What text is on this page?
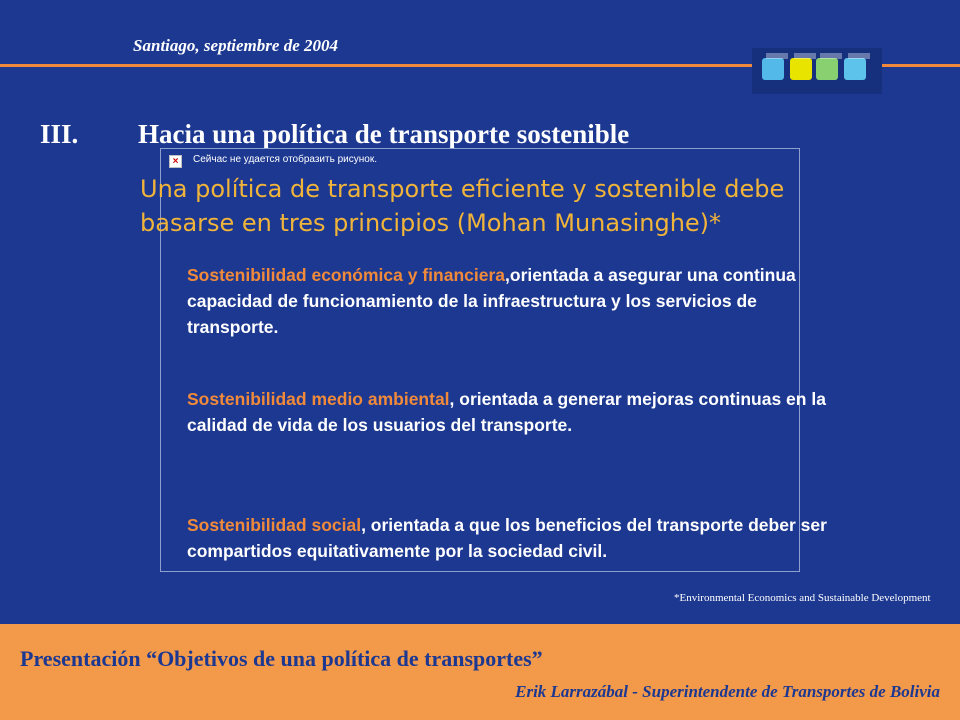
Santiago, septiembre de 2004
III. Hacia una política de transporte sostenible
×	Сейчас не удается отобразить рисунок.
Una política de transporte eficiente y sostenible debe basarse en tres principios (Mohan Munasinghe)*
Sostenibilidad económica y financiera,orientada a asegurar una continua capacidad de funcionamiento de la infraestructura y los servicios de transporte.
Sostenibilidad medio ambiental, orientada a generar mejoras continuas en la calidad de vida de los usuarios del transporte.
Sostenibilidad social, orientada a que los beneficios del transporte deber ser compartidos equitativamente por la sociedad civil.
*Environmental Economics and Sustainable Development
Presentación “Objetivos de una política de transportes”
Erik Larrazábal - Superintendente de Transportes de Bolivia
